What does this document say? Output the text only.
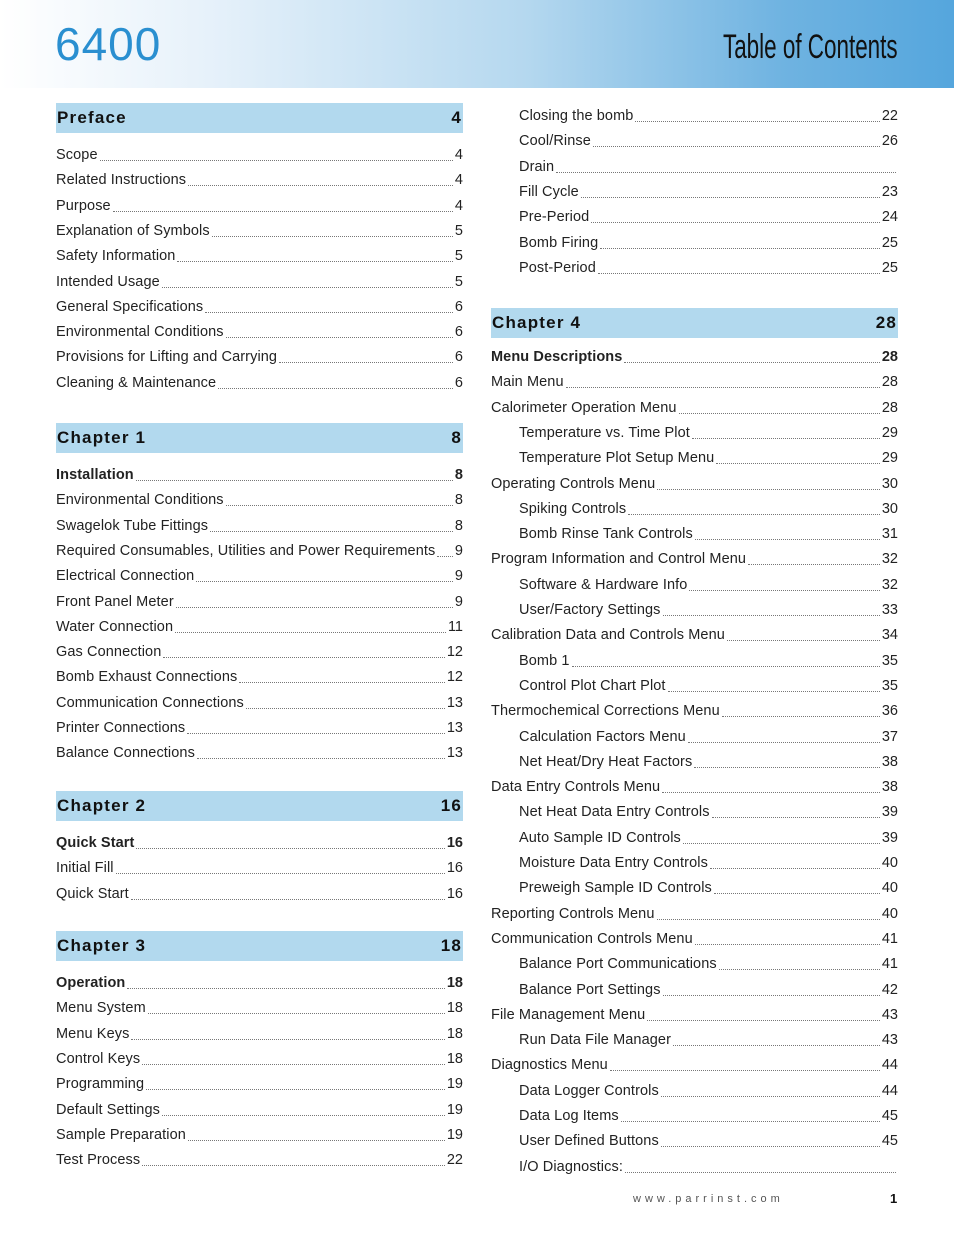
6400	Table of Contents
Preface	4
Scope	4
Related Instructions	4
Purpose	4
Explanation of Symbols	5
Safety Information	5
Intended Usage	5
General Specifications	6
Environmental Conditions	6
Provisions for Lifting and Carrying	6
Cleaning & Maintenance	6
Chapter 1	8
Installation	8
Environmental Conditions	8
Swagelok Tube Fittings	8
Required Consumables, Utilities and Power Requirements 9
Electrical Connection	9
Front Panel Meter	9
Water Connection	11
Gas Connection	12
Bomb Exhaust Connections	12
Communication Connections	13
Printer Connections	13
Balance Connections	13
Chapter 2	16
Quick Start	16
Initial Fill	16
Quick Start	16
Chapter 3	18
Operation	18
Menu System	18
Menu Keys	18
Control Keys	18
Programming	19
Default Settings	19
Sample Preparation	19
Test Process	22
Closing the bomb	22
Cool/Rinse	26
Drain
Fill Cycle	23
Pre-Period	24
Bomb Firing	25
Post-Period	25
Chapter 4	28
Menu Descriptions	28
Main Menu	28
Calorimeter Operation Menu	28
Temperature vs. Time Plot	29
Temperature Plot Setup Menu	29
Operating Controls Menu	30
Spiking Controls	30
Bomb Rinse Tank Controls	31
Program Information and Control Menu	32
Software & Hardware Info	32
User/Factory Settings	33
Calibration Data and Controls Menu	34
Bomb 1	35
Control Plot Chart Plot	35
Thermochemical Corrections Menu	36
Calculation Factors Menu	37
Net Heat/Dry Heat Factors	38
Data Entry Controls Menu	38
Net Heat Data Entry Controls	39
Auto Sample ID Controls	39
Moisture Data Entry Controls	40
Preweigh Sample ID Controls	40
Reporting Controls Menu	40
Communication Controls Menu	41
Balance Port Communications	41
Balance Port Settings	42
File Management Menu	43
Run Data File Manager	43
Diagnostics Menu	44
Data Logger Controls	44
Data Log Items	45
User Defined Buttons	45
I/O Diagnostics:
www.parrinst.com	1
